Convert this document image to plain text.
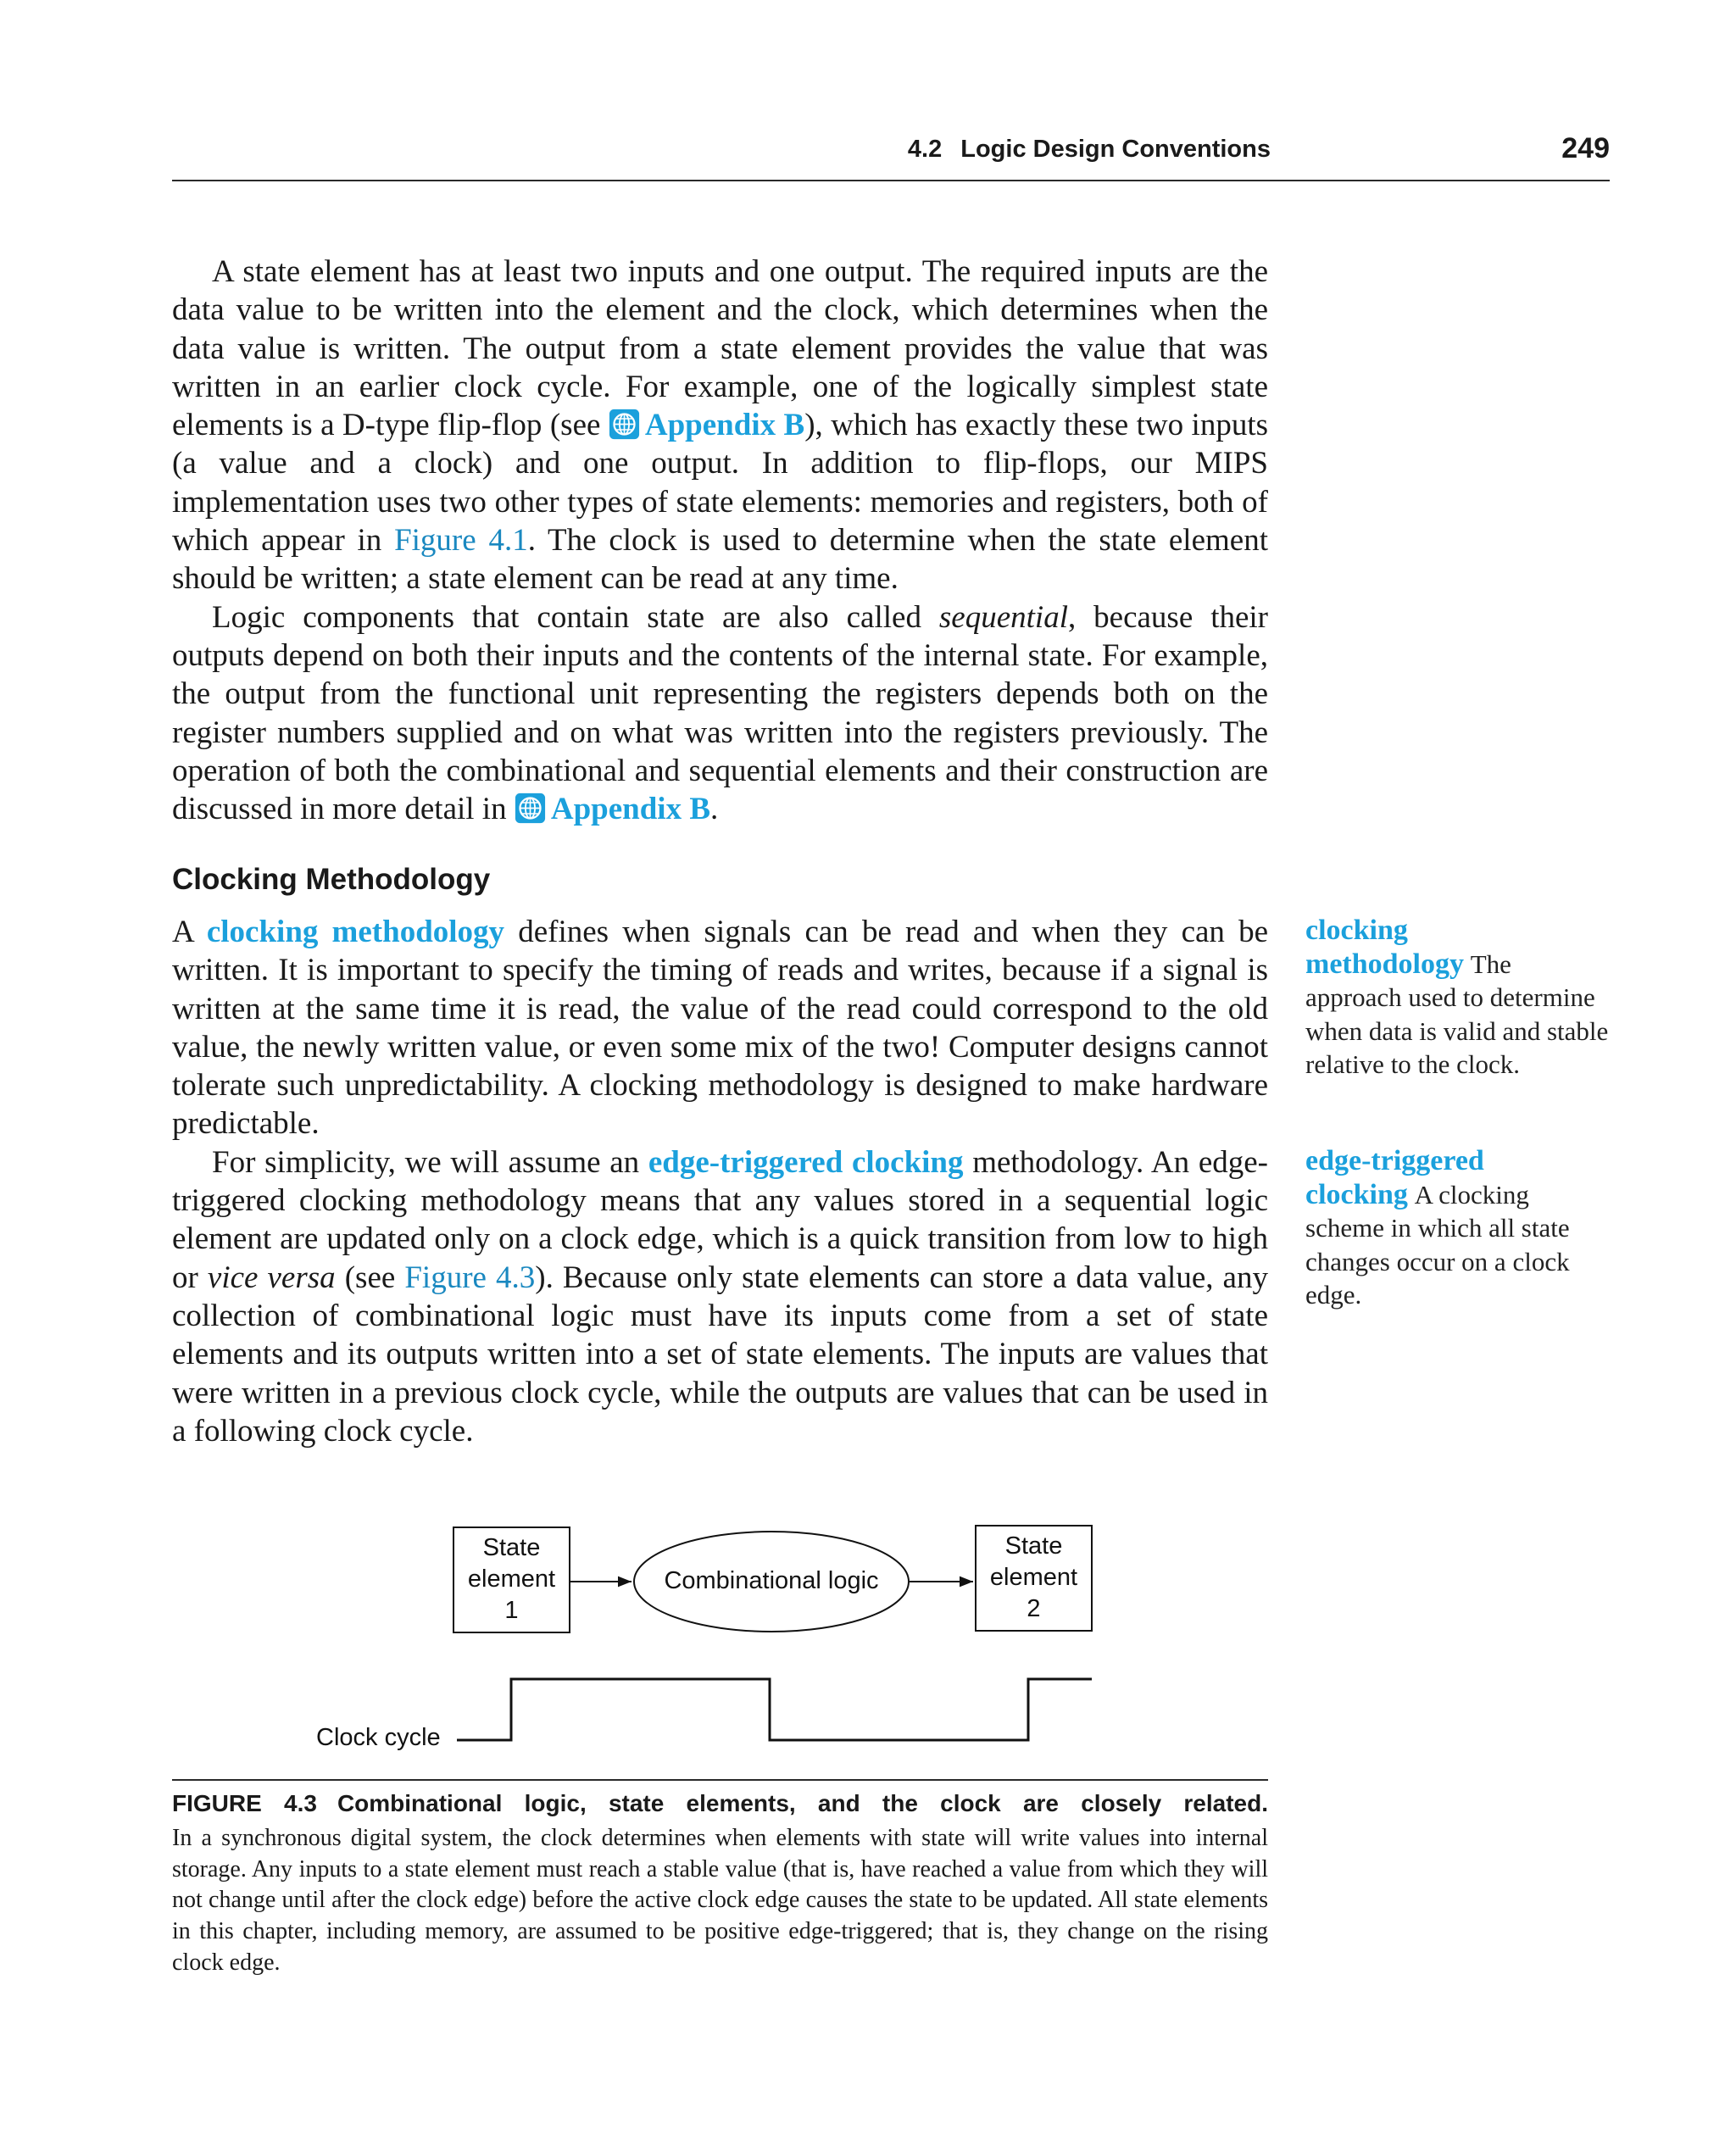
4.2 Logic Design Conventions	249

A state element has at least two inputs and one output. The required inputs are the data value to be written into the element and the clock, which determines when the data value is written. The output from a state element provides the value that was written in an earlier clock cycle. For example, one of the logically simplest state elements is a D-type flip-flop (see Appendix B), which has exactly these two inputs (a value and a clock) and one output. In addition to flip-flops, our MIPS implementation uses two other types of state elements: memories and registers, both of which appear in Figure 4.1. The clock is used to determine when the state element should be written; a state element can be read at any time.

Logic components that contain state are also called sequential, because their outputs depend on both their inputs and the contents of the internal state. For example, the output from the functional unit representing the registers depends both on the register numbers supplied and on what was written into the registers previously. The operation of both the combinational and sequential elements and their construction are discussed in more detail in Appendix B.

Clocking Methodology

A clocking methodology defines when signals can be read and when they can be written. It is important to specify the timing of reads and writes, because if a signal is written at the same time it is read, the value of the read could correspond to the old value, the newly written value, or even some mix of the two! Computer designs cannot tolerate such unpredictability. A clocking methodology is designed to make hardware predictable.

For simplicity, we will assume an edge-triggered clocking methodology. An edge-triggered clocking methodology means that any values stored in a sequential logic element are updated only on a clock edge, which is a quick transition from low to high or vice versa (see Figure 4.3). Because only state elements can store a data value, any collection of combinational logic must have its inputs come from a set of state elements and its outputs written into a set of state elements. The inputs are values that were written in a previous clock cycle, while the outputs are values that can be used in a following clock cycle.

clocking methodology The approach used to determine when data is valid and stable relative to the clock.
edge-triggered clocking A clocking scheme in which all state changes occur on a clock edge.
State
element
1
Combinational logic
State
element
2
Clock cycle
FIGURE 4.3 Combinational logic, state elements, and the clock are closely related.
In a synchronous digital system, the clock determines when elements with state will write values into internal storage. Any inputs to a state element must reach a stable value (that is, have reached a value from which they will not change until after the clock edge) before the active clock edge causes the state to be updated. All state elements in this chapter, including memory, are assumed to be positive edge-triggered; that is, they change on the rising clock edge.
